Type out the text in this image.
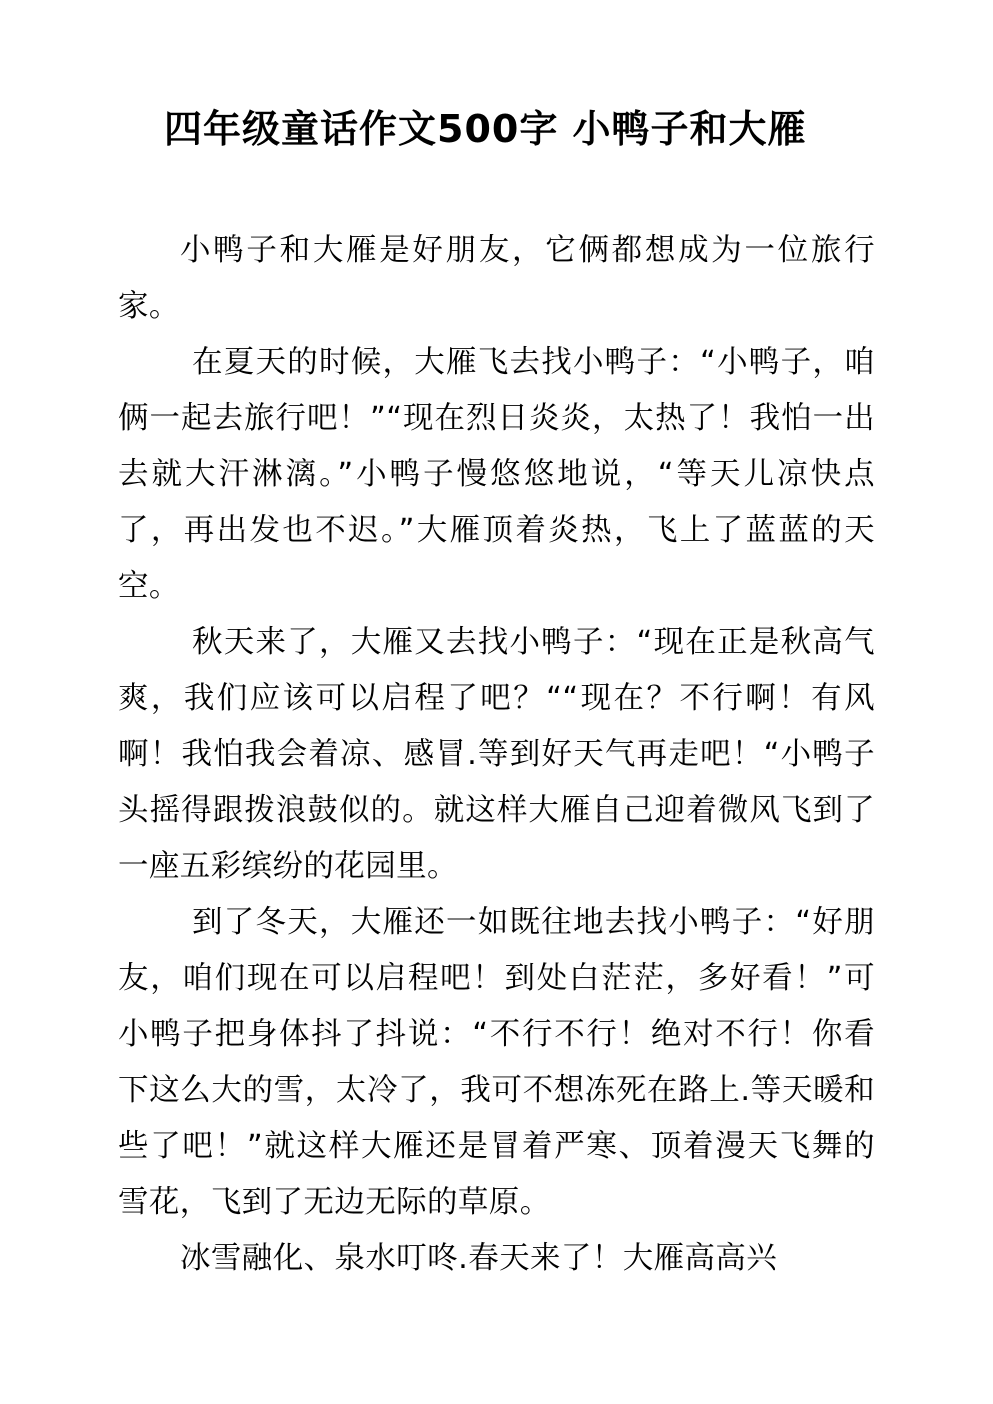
四年级童话作文500字 小鸭子和大雁

小鸭子和大雁是好朋友，它俩都想成为一位旅行家。

在夏天的时候，大雁飞去找小鸭子：“小鸭子，咱俩一起去旅行吧！”“现在烈日炎炎，太热了！我怕一出去就大汗淋漓。”小鸭子慢悠悠地说，“等天儿凉快点了，再出发也不迟。”大雁顶着炎热，飞上了蓝蓝的天空。

秋天来了，大雁又去找小鸭子：“现在正是秋高气爽，我们应该可以启程了吧？““现在？不行啊！有风啊！我怕我会着凉、感冒.等到好天气再走吧！“小鸭子头摇得跟拨浪鼓似的。就这样大雁自己迎着微风飞到了一座五彩缤纷的花园里。

到了冬天，大雁还一如既往地去找小鸭子：“好朋友，咱们现在可以启程吧！到处白茫茫，多好看！”可小鸭子把身体抖了抖说：“不行不行！绝对不行！你看下这么大的雪，太冷了，我可不想冻死在路上.等天暖和些了吧！”就这样大雁还是冒着严寒、顶着漫天飞舞的雪花，飞到了无边无际的草原。

冰雪融化、泉水叮咚.春天来了！大雁高高兴
